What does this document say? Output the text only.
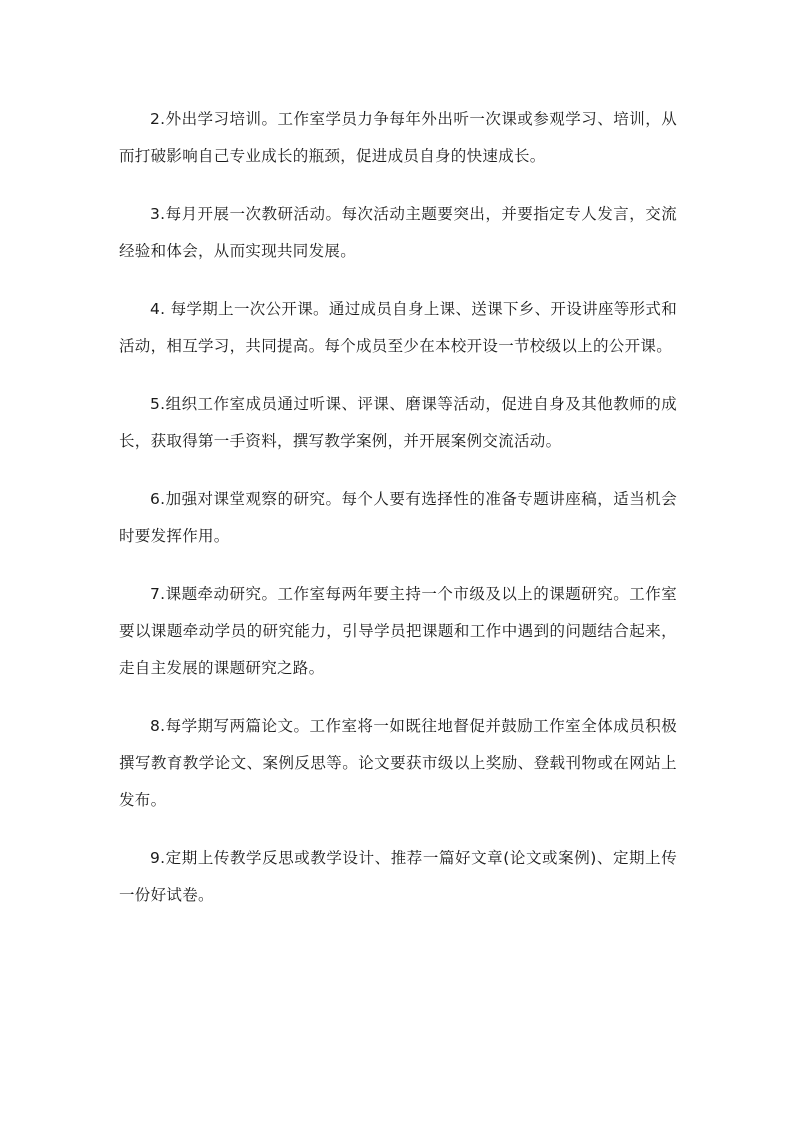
2.外出学习培训。工作室学员力争每年外出听一次课或参观学习、培训，从而打破影响自己专业成长的瓶颈，促进成员自身的快速成长。

3.每月开展一次教研活动。每次活动主题要突出，并要指定专人发言，交流经验和体会，从而实现共同发展。

4. 每学期上一次公开课。通过成员自身上课、送课下乡、开设讲座等形式和活动，相互学习，共同提高。每个成员至少在本校开设一节校级以上的公开课。

5.组织工作室成员通过听课、评课、磨课等活动，促进自身及其他教师的成长，获取得第一手资料，撰写教学案例，并开展案例交流活动。

6.加强对课堂观察的研究。每个人要有选择性的准备专题讲座稿，适当机会时要发挥作用。

7.课题牵动研究。工作室每两年要主持一个市级及以上的课题研究。工作室要以课题牵动学员的研究能力，引导学员把课题和工作中遇到的问题结合起来，走自主发展的课题研究之路。

8.每学期写两篇论文。工作室将一如既往地督促并鼓励工作室全体成员积极撰写教育教学论文、案例反思等。论文要获市级以上奖励、登载刊物或在网站上发布。

9.定期上传教学反思或教学设计、推荐一篇好文章(论文或案例)、定期上传一份好试卷。
